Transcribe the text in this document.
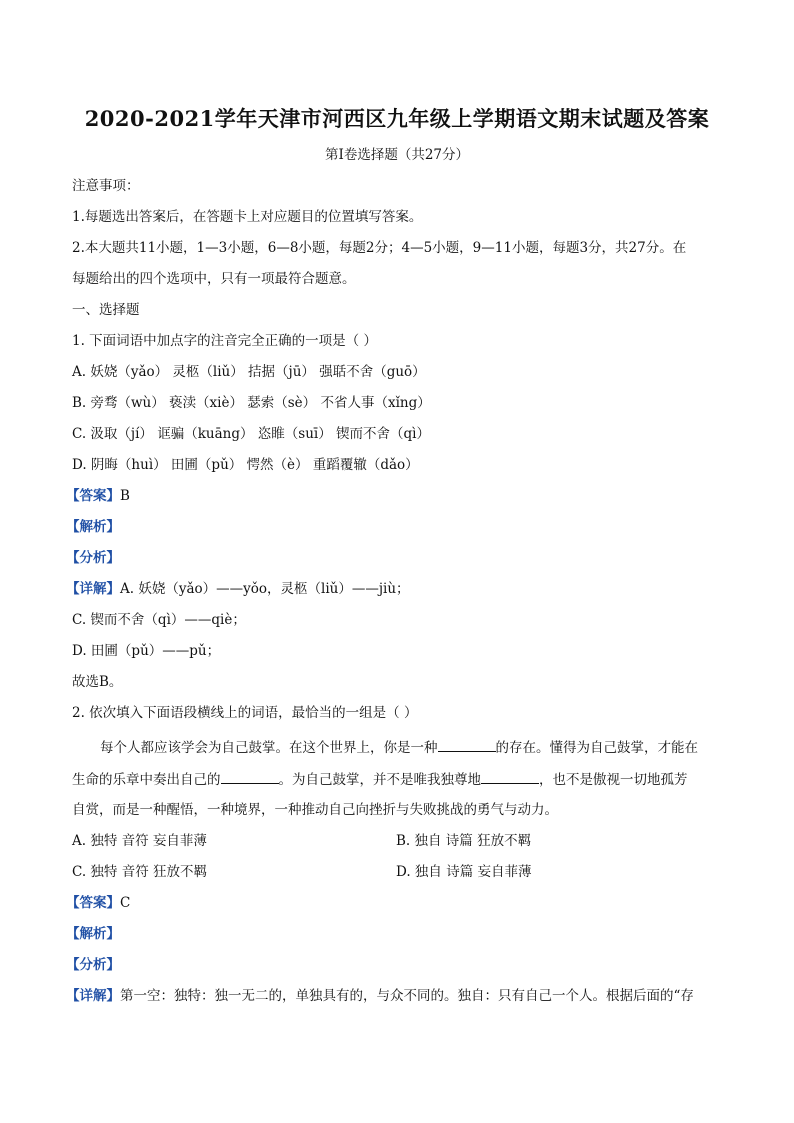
2020-2021学年天津市河西区九年级上学期语文期末试题及答案
第I卷选择题（共27分）
注意事项：
1.每题选出答案后，在答题卡上对应题目的位置填写答案。
2.本大题共11小题，1—3小题，6—8小题，每题2分；4—5小题，9—11小题，每题3分，共27分。在
每题给出的四个选项中，只有一项最符合题意。
一、选择题
1. 下面词语中加点字的注音完全正确的一项是（ ）
A. 妖娆（yǎo） 灵柩（liǔ） 拮据（jū） 强聒不舍（guō）
B. 旁骛（wù） 亵渎（xiè） 瑟索（sè） 不省人事（xǐng）
C. 汲取（jí） 诓骗（kuāng） 恣睢（suī） 锲而不舍（qì）
D. 阴晦（huì） 田圃（pǔ） 愕然（è） 重蹈覆辙（dǎo）
【答案】B
【解析】
【分析】
【详解】A. 妖娆（yǎo）——yǒo，灵柩（liǔ）——jiù；
C. 锲而不舍（qì）——qiè；
D. 田圃（pǔ）——pǔ；
故选B。
2. 依次填入下面语段横线上的词语，最恰当的一组是（ ）
每个人都应该学会为自己鼓掌。在这个世界上，你是一种	的存在。懂得为自己鼓掌，才能在
生命的乐章中奏出自己的	。为自己鼓掌，并不是唯我独尊地	，也不是傲视一切地孤芳
自赏，而是一种醒悟，一种境界，一种推动自己向挫折与失败挑战的勇气与动力。
A. 独特 音符 妄自菲薄	B. 独自 诗篇 狂放不羁
C. 独特 音符 狂放不羁	D. 独自 诗篇 妄自菲薄
【答案】C
【解析】
【分析】
【详解】第一空：独特：独一无二的，单独具有的，与众不同的。独自：只有自己一个人。根据后面的“存
